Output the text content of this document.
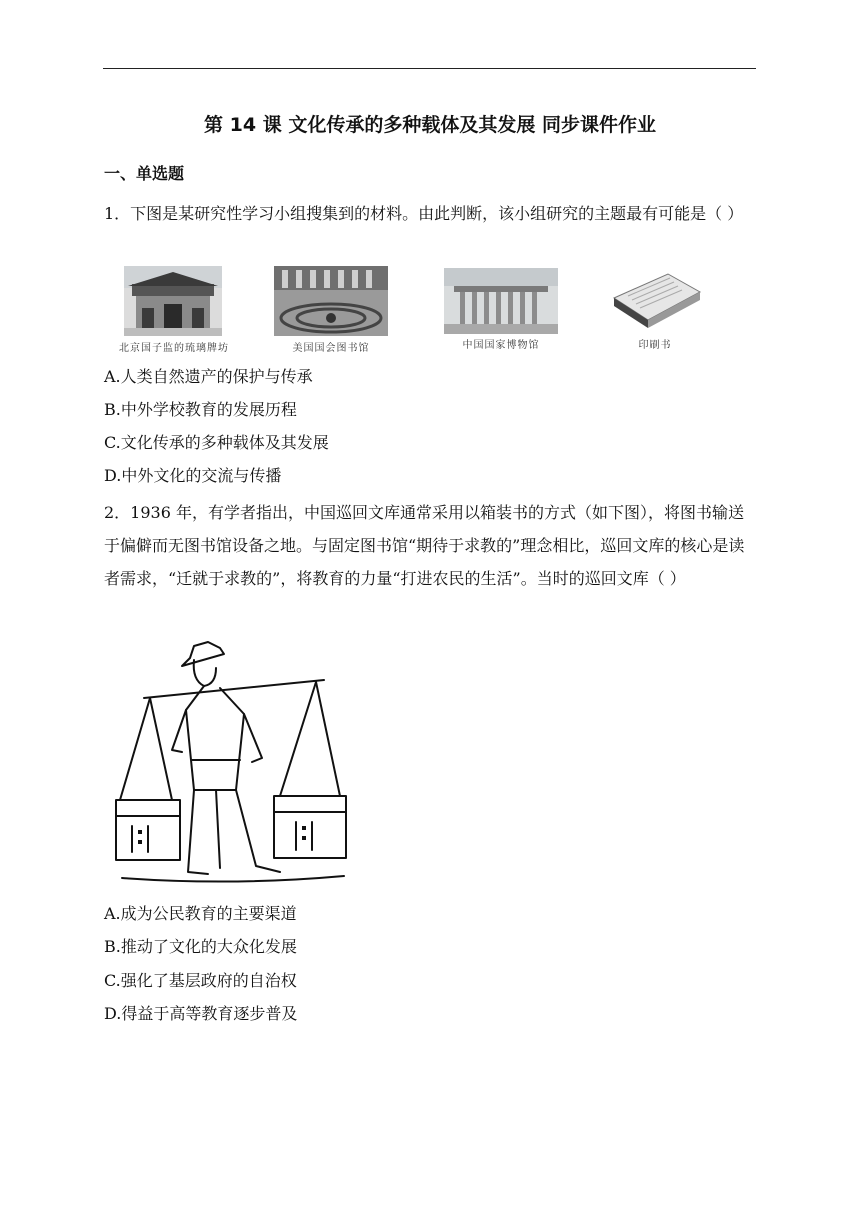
第 14 课 文化传承的多种载体及其发展 同步课件作业
一、单选题
1．下图是某研究性学习小组搜集到的材料。由此判断，该小组研究的主题最有可能是（ ）
北京国子监的琉璃牌坊	美国国会图书馆	中国国家博物馆	印刷书
A.人类自然遗产的保护与传承
B.中外学校教育的发展历程
C.文化传承的多种载体及其发展
D.中外文化的交流与传播
2．1936 年，有学者指出，中国巡回文库通常采用以箱装书的方式（如下图），将图书输送于偏僻而无图书馆设备之地。与固定图书馆“期待于求教的”理念相比，巡回文库的核心是读者需求，“迁就于求教的”，将教育的力量“打进农民的生活”。当时的巡回文库（ ）
A.成为公民教育的主要渠道
B.推动了文化的大众化发展
C.强化了基层政府的自治权
D.得益于高等教育逐步普及
